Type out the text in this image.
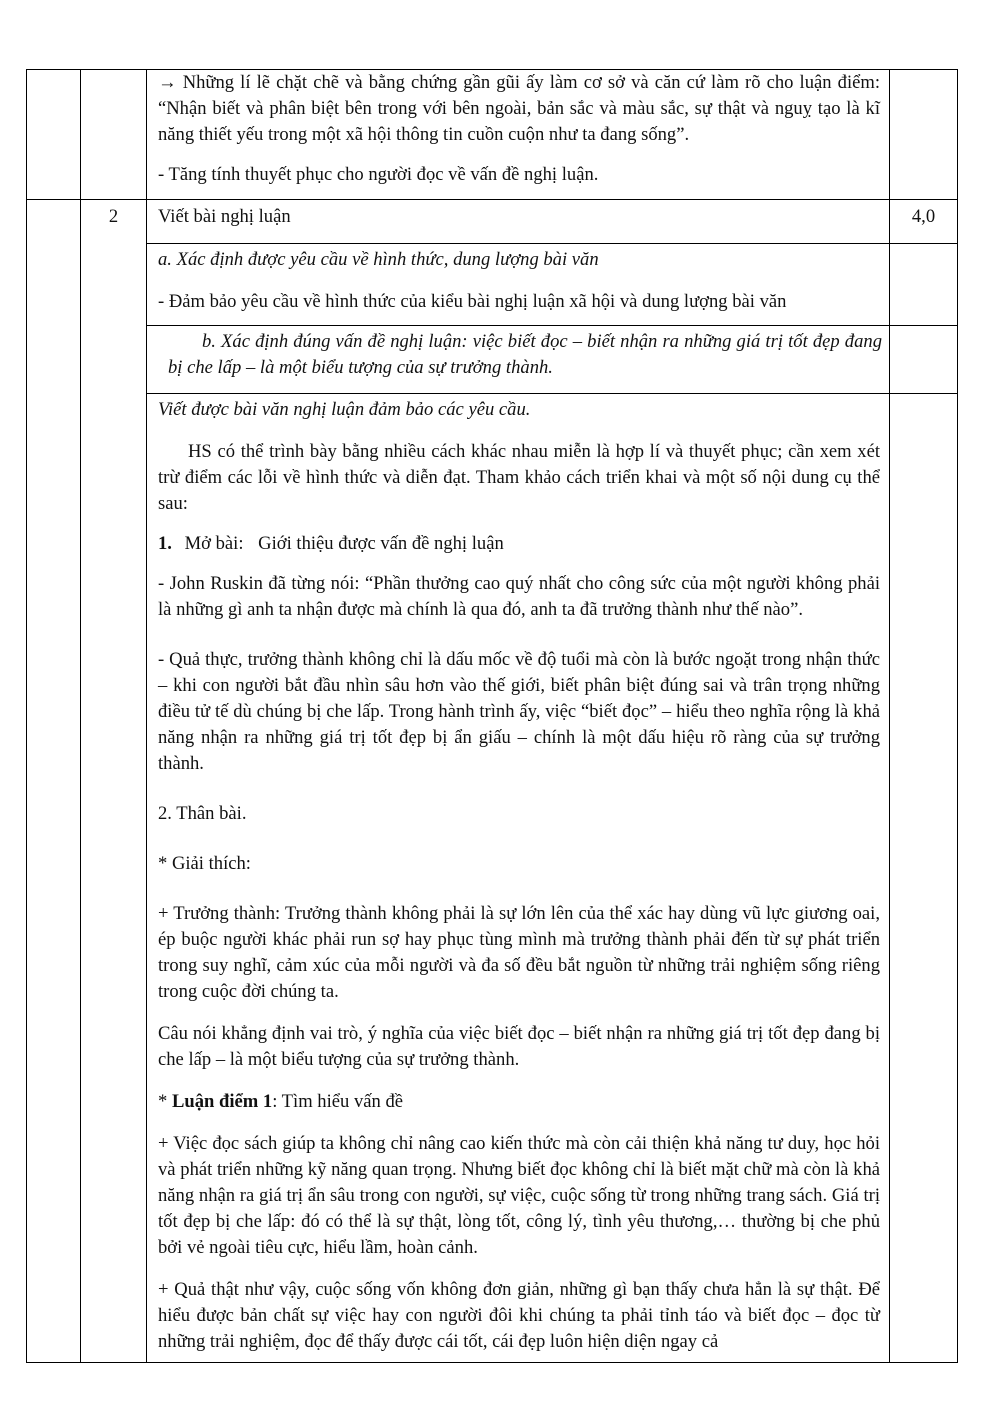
→ Những lí lẽ chặt chẽ và bằng chứng gần gũi ấy làm cơ sở và căn cứ làm rõ cho luận điểm: “Nhận biết và phân biệt bên trong với bên ngoài, bản sắc và màu sắc, sự thật và nguỵ tạo là kĩ năng thiết yếu trong một xã hội thông tin cuồn cuộn như ta đang sống”.

- Tăng tính thuyết phục cho người đọc về vấn đề nghị luận.

2	Viết bài nghị luận	4,0

a. Xác định được yêu cầu về hình thức, dung lượng bài văn

- Đảm bảo yêu cầu về hình thức của kiểu bài nghị luận xã hội và dung lượng bài văn

b. Xác định đúng vấn đề nghị luận: việc biết đọc – biết nhận ra những giá trị tốt đẹp đang bị che lấp – là một biểu tượng của sự trưởng thành.

Viết được bài văn nghị luận đảm bảo các yêu cầu.

HS có thể trình bày bằng nhiều cách khác nhau miễn là hợp lí và thuyết phục; cần xem xét trừ điểm các lỗi về hình thức và diễn đạt. Tham khảo cách triển khai và một số nội dung cụ thể sau:

1. Mở bài: Giới thiệu được vấn đề nghị luận

- John Ruskin đã từng nói: “Phần thưởng cao quý nhất cho công sức của một người không phải là những gì anh ta nhận được mà chính là qua đó, anh ta đã trưởng thành như thế nào”.

- Quả thực, trưởng thành không chỉ là dấu mốc về độ tuổi mà còn là bước ngoặt trong nhận thức – khi con người bắt đầu nhìn sâu hơn vào thế giới, biết phân biệt đúng sai và trân trọng những điều tử tế dù chúng bị che lấp. Trong hành trình ấy, việc “biết đọc” – hiểu theo nghĩa rộng là khả năng nhận ra những giá trị tốt đẹp bị ẩn giấu – chính là một dấu hiệu rõ ràng của sự trưởng thành.

2. Thân bài.

* Giải thích:

+ Trưởng thành: Trưởng thành không phải là sự lớn lên của thể xác hay dùng vũ lực giương oai, ép buộc người khác phải run sợ hay phục tùng mình mà trưởng thành phải đến từ sự phát triển trong suy nghĩ, cảm xúc của mỗi người và đa số đều bắt nguồn từ những trải nghiệm sống riêng trong cuộc đời chúng ta.

Câu nói khẳng định vai trò, ý nghĩa của việc biết đọc – biết nhận ra những giá trị tốt đẹp đang bị che lấp – là một biểu tượng của sự trưởng thành.

* Luận điểm 1: Tìm hiểu vấn đề

+ Việc đọc sách giúp ta không chỉ nâng cao kiến thức mà còn cải thiện khả năng tư duy, học hỏi và phát triển những kỹ năng quan trọng. Nhưng biết đọc không chỉ là biết mặt chữ mà còn là khả năng nhận ra giá trị ẩn sâu trong con người, sự việc, cuộc sống từ trong những trang sách. Giá trị tốt đẹp bị che lấp: đó có thể là sự thật, lòng tốt, công lý, tình yêu thương,… thường bị che phủ bởi vẻ ngoài tiêu cực, hiểu lầm, hoàn cảnh.

+ Quả thật như vậy, cuộc sống vốn không đơn giản, những gì bạn thấy chưa hẳn là sự thật. Để hiểu được bản chất sự việc hay con người đôi khi chúng ta phải tỉnh táo và biết đọc – đọc từ những trải nghiệm, đọc để thấy được cái tốt, cái đẹp luôn hiện diện ngay cả
